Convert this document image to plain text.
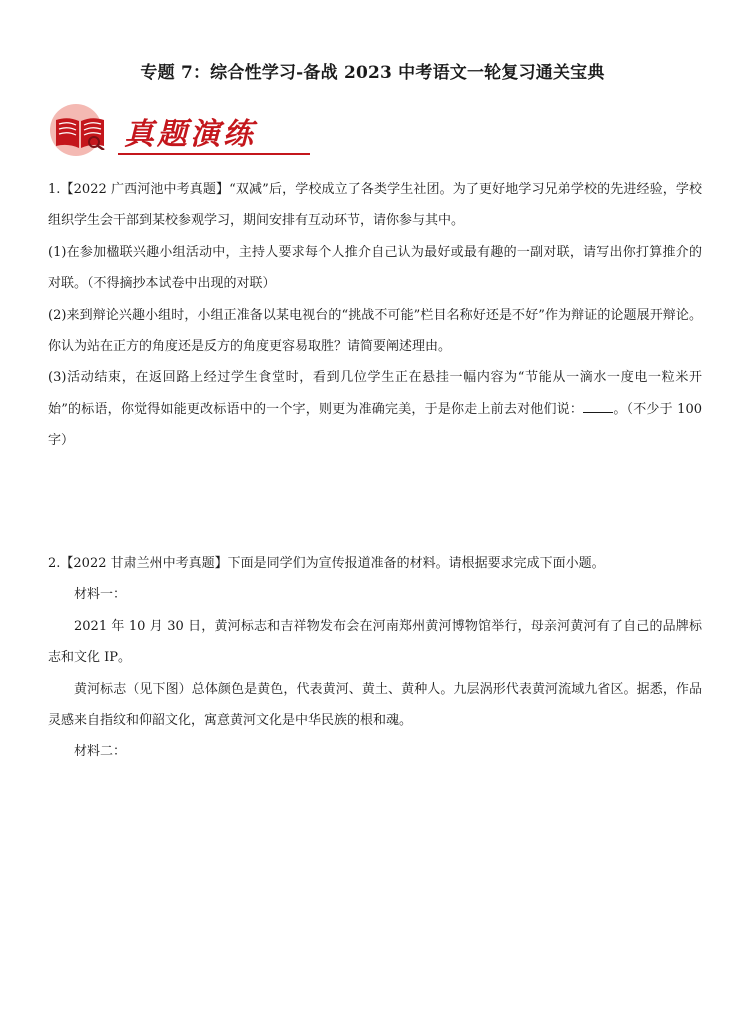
专题 7：综合性学习-备战 2023 中考语文一轮复习通关宝典
真题演练

1.【2022 广西河池中考真题】“双减”后，学校成立了各类学生社团。为了更好地学习兄弟学校的先进经验，学校组织学生会干部到某校参观学习，期间安排有互动环节，请你参与其中。

(1)在参加楹联兴趣小组活动中，主持人要求每个人推介自己认为最好或最有趣的一副对联，请写出你打算推介的对联。（不得摘抄本试卷中出现的对联）

(2)来到辩论兴趣小组时，小组正准备以某电视台的“挑战不可能”栏目名称好还是不好”作为辩证的论题展开辩论。你认为站在正方的角度还是反方的角度更容易取胜？请简要阐述理由。

(3)活动结束，在返回路上经过学生食堂时，看到几位学生正在悬挂一幅内容为“节能从一滴水一度电一粒米开始”的标语，你觉得如能更改标语中的一个字，则更为准确完美，于是你走上前去对他们说： 。（不少于 100 字）

2.【2022 甘肃兰州中考真题】下面是同学们为宣传报道准备的材料。请根据要求完成下面小题。

材料一：

2021 年 10 月 30 日，黄河标志和吉祥物发布会在河南郑州黄河博物馆举行，母亲河黄河有了自己的品牌标志和文化 IP。

黄河标志（见下图）总体颜色是黄色，代表黄河、黄土、黄种人。九层涡形代表黄河流域九省区。据悉，作品灵感来自指纹和仰韶文化，寓意黄河文化是中华民族的根和魂。

材料二：
